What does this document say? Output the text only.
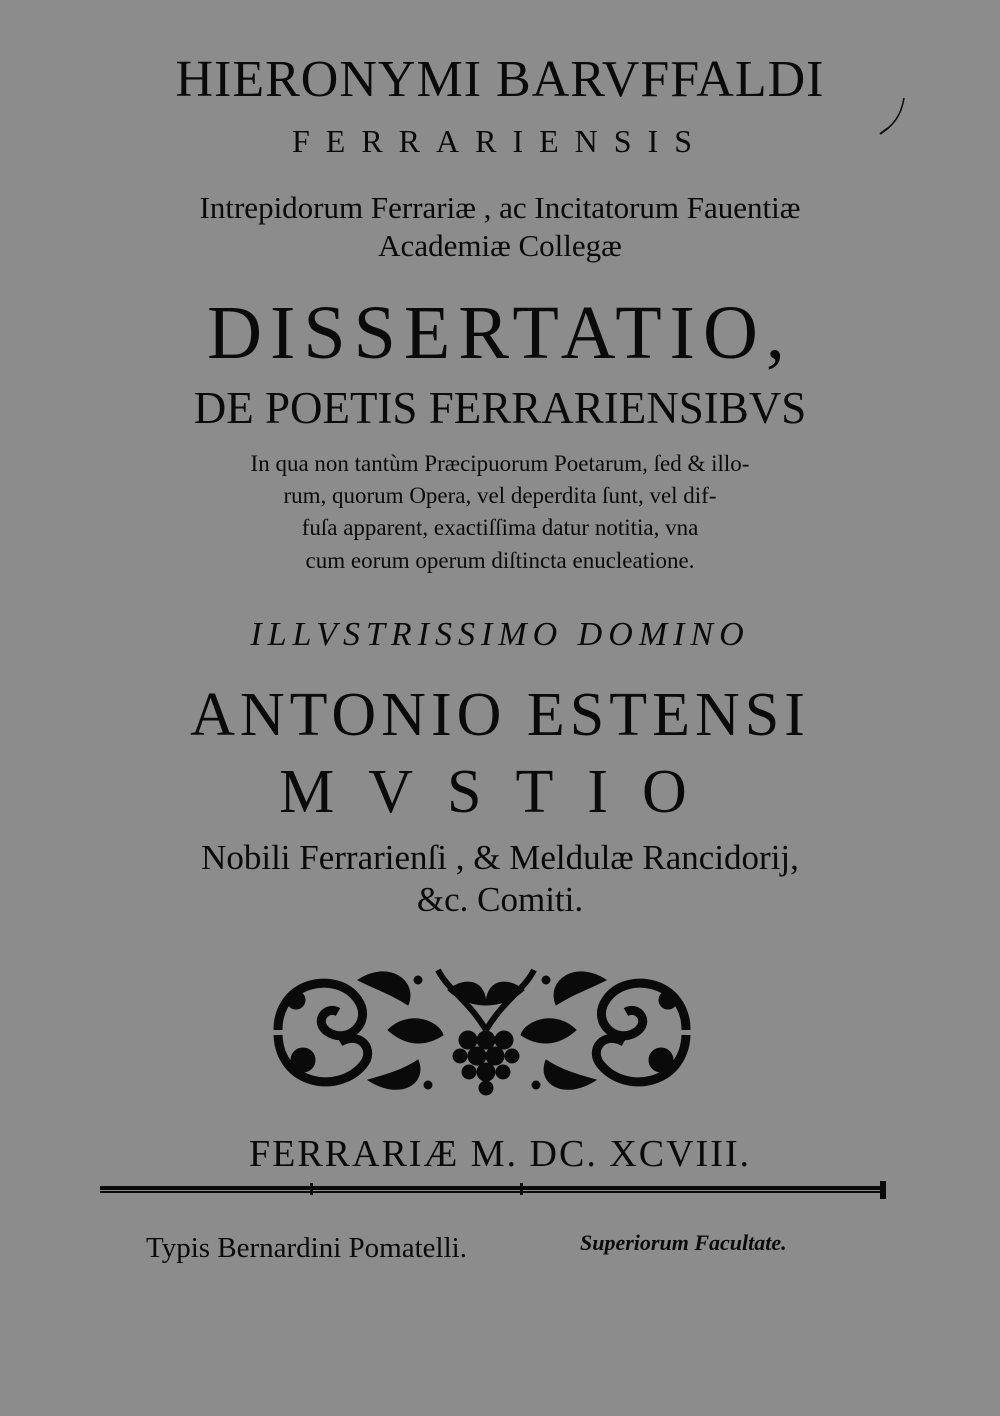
HIERONYMI BARVFFALDI

FERRARIENSIS

Intrepidorum Ferrariæ , ac Incitatorum Fauentiæ

Academiæ Collegæ

DISSERTATIO,
DE POETIS FERRARIENSIBVS

In qua non tantùm Præcipuorum Poetarum, ſed & illo-

rum, quorum Opera, vel deperdita ſunt, vel dif-

fuſa apparent, exactiſſima datur notitia, vna

cum eorum operum diſtincta enucleatione.

ILLVSTRISSIMO DOMINO

ANTONIO ESTENSI

MVSTIO

Nobili Ferrarienſi , & Meldulæ Rancidorij,

&c. Comiti.

FERRARIÆ M. DC. XCVIII.

Typis Bernardini Pomatelli.	Superiorum Facultate.
